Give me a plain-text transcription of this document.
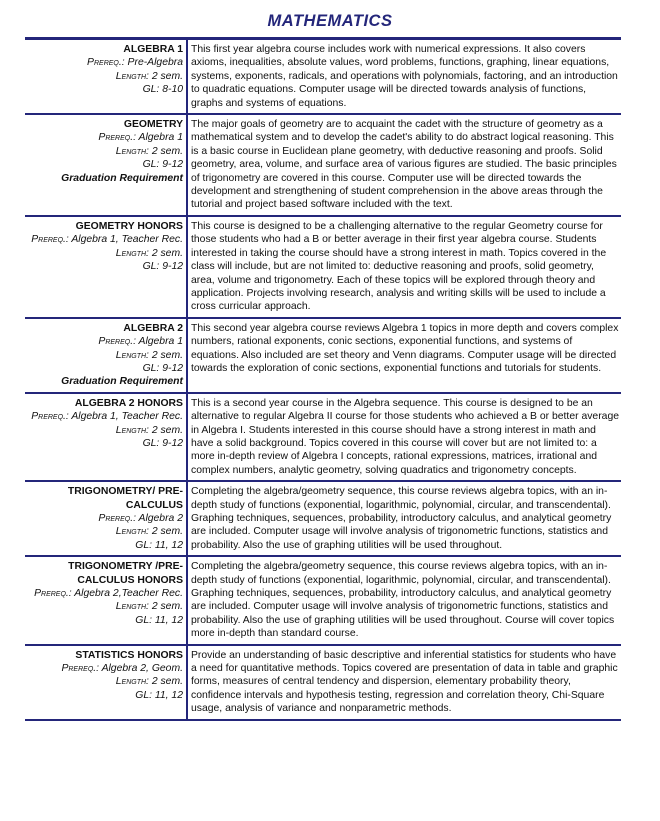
MATHEMATICS
ALGEBRA 1
Prereq.: Pre-Algebra
Length: 2 sem.
GL: 8-10
This first year algebra course includes work with numerical expressions. It also covers axioms, inequalities, absolute values, word problems, functions, graphing, linear equations, systems, exponents, radicals, and operations with polynomials, factoring, and an introduction to quadratic equations. Computer usage will be directed towards analysis of functions, graphs and systems of equations.
GEOMETRY
Prereq.: Algebra 1
Length: 2 sem.
GL: 9-12
Graduation Requirement
The major goals of geometry are to acquaint the cadet with the structure of geometry as a mathematical system and to develop the cadet's ability to do abstract logical reasoning. This is a basic course in Euclidean plane geometry, with deductive reasoning and proofs. Solid geometry, area, volume, and surface area of various figures are studied. The basic principles of trigonometry are covered in this course. Computer use will be directed towards the development and strengthening of student comprehension in the above areas through the tutorial and project based software included with the text.
GEOMETRY HONORS
Prereq.: Algebra 1, Teacher Rec.
Length: 2 sem.
GL: 9-12
This course is designed to be a challenging alternative to the regular Geometry course for those students who had a B or better average in their first year algebra course. Students interested in taking the course should have a strong interest in math. Topics covered in the class will include, but are not limited to: deductive reasoning and proofs, solid geometry, area, volume and trigonometry. Each of these topics will be explored through theory and application. Projects involving research, analysis and writing skills will be used to include a cross curricular approach.
ALGEBRA 2
Prereq.: Algebra 1
Length: 2 sem.
GL: 9-12
Graduation Requirement
This second year algebra course reviews Algebra 1 topics in more depth and covers complex numbers, rational exponents, conic sections, exponential functions, and systems of equations. Also included are set theory and Venn diagrams. Computer usage will be directed towards the exploration of conic sections, exponential functions and tutorials for students.
ALGEBRA 2 HONORS
Prereq.: Algebra 1, Teacher Rec.
Length: 2 sem.
GL: 9-12
This is a second year course in the Algebra sequence. This course is designed to be an alternative to regular Algebra II course for those students who achieved a B or better average in Algebra I. Students interested in this course should have a strong interest in math and have a solid background. Topics covered in this course will cover but are not limited to: a more in-depth review of Algebra I concepts, rational expressions, matrices, irrational and complex numbers, analytic geometry, solving quadratics and trigonometry concepts.
TRIGONOMETRY/ PRE-CALCULUS
Prereq.: Algebra 2
Length: 2 sem.
GL: 11, 12
Completing the algebra/geometry sequence, this course reviews algebra topics, with an in-depth study of functions (exponential, logarithmic, polynomial, circular, and transcendental). Graphing techniques, sequences, probability, introductory calculus, and analytical geometry are included. Computer usage will involve analysis of trigonometric functions, statistics and probability. Also the use of graphing utilities will be used throughout.
TRIGONOMETRY /PRE-CALCULUS HONORS
Prereq.: Algebra 2,Teacher Rec.
Length: 2 sem.
GL: 11, 12
Completing the algebra/geometry sequence, this course reviews algebra topics, with an in-depth study of functions (exponential, logarithmic, polynomial, circular, and transcendental). Graphing techniques, sequences, probability, introductory calculus, and analytical geometry are included. Computer usage will involve analysis of trigonometric functions, statistics and probability. Also the use of graphing utilities will be used throughout. Course will cover topics more in-depth than standard course.
STATISTICS HONORS
Prereq.: Algebra 2, Geom.
Length: 2 sem.
GL: 11, 12
Provide an understanding of basic descriptive and inferential statistics for students who have a need for quantitative methods. Topics covered are presentation of data in table and graphic forms, measures of central tendency and dispersion, elementary probability theory, confidence intervals and hypothesis testing, regression and correlation theory, Chi-Square usage, analysis of variance and nonparametric methods.
